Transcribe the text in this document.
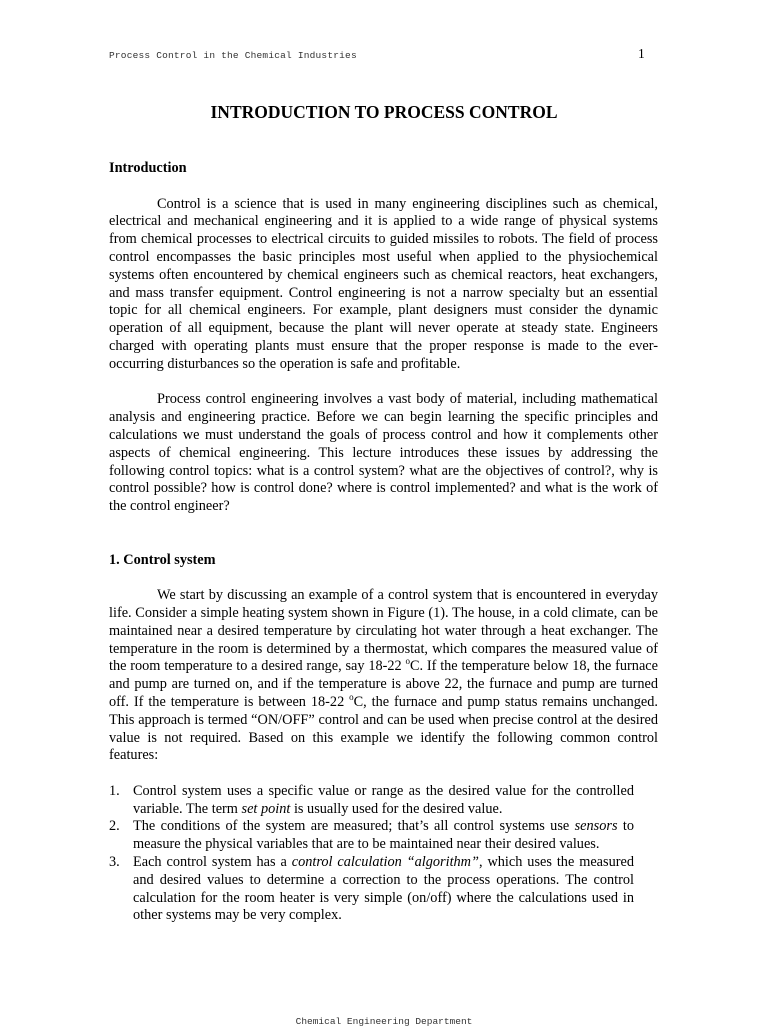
Process Control in the Chemical Industries	1
INTRODUCTION TO PROCESS CONTROL

Introduction

Control is a science that is used in many engineering disciplines such as chemical, electrical and mechanical engineering and it is applied to a wide range of physical systems from chemical processes to electrical circuits to guided missiles to robots. The field of process control encompasses the basic principles most useful when applied to the physiochemical systems often encountered by chemical engineers such as chemical reactors, heat exchangers, and mass transfer equipment. Control engineering is not a narrow specialty but an essential topic for all chemical engineers. For example, plant designers must consider the dynamic operation of all equipment, because the plant will never operate at steady state. Engineers charged with operating plants must ensure that the proper response is made to the ever-occurring disturbances so the operation is safe and profitable.

Process control engineering involves a vast body of material, including mathematical analysis and engineering practice. Before we can begin learning the specific principles and calculations we must understand the goals of process control and how it complements other aspects of chemical engineering. This lecture introduces these issues by addressing the following control topics: what is a control system? what are the objectives of control?, why is control possible? how is control done? where is control implemented? and what is the work of the control engineer?

1. Control system

We start by discussing an example of a control system that is encountered in everyday life. Consider a simple heating system shown in Figure (1). The house, in a cold climate, can be maintained near a desired temperature by circulating hot water through a heat exchanger. The temperature in the room is determined by a thermostat, which compares the measured value of the room temperature to a desired range, say 18-22 $^o$C. If the temperature below 18, the furnace and pump are turned on, and if the temperature is above 22, the furnace and pump are turned off. If the temperature is between 18-22 $^o$C, the furnace and pump status remains unchanged. This approach is termed “ON/OFF” control and can be used when precise control at the desired value is not required. Based on this example we identify the following common control features:

1. Control system uses a specific value or range as the desired value for the controlled variable. The term set point is usually used for the desired value.
2. The conditions of the system are measured; that’s all control systems use sensors to measure the physical variables that are to be maintained near their desired values.
3. Each control system has a control calculation “algorithm”, which uses the measured and desired values to determine a correction to the process operations. The control calculation for the room heater is very simple (on/off) where the calculations used in other systems may be very complex.
Chemical Engineering Department
